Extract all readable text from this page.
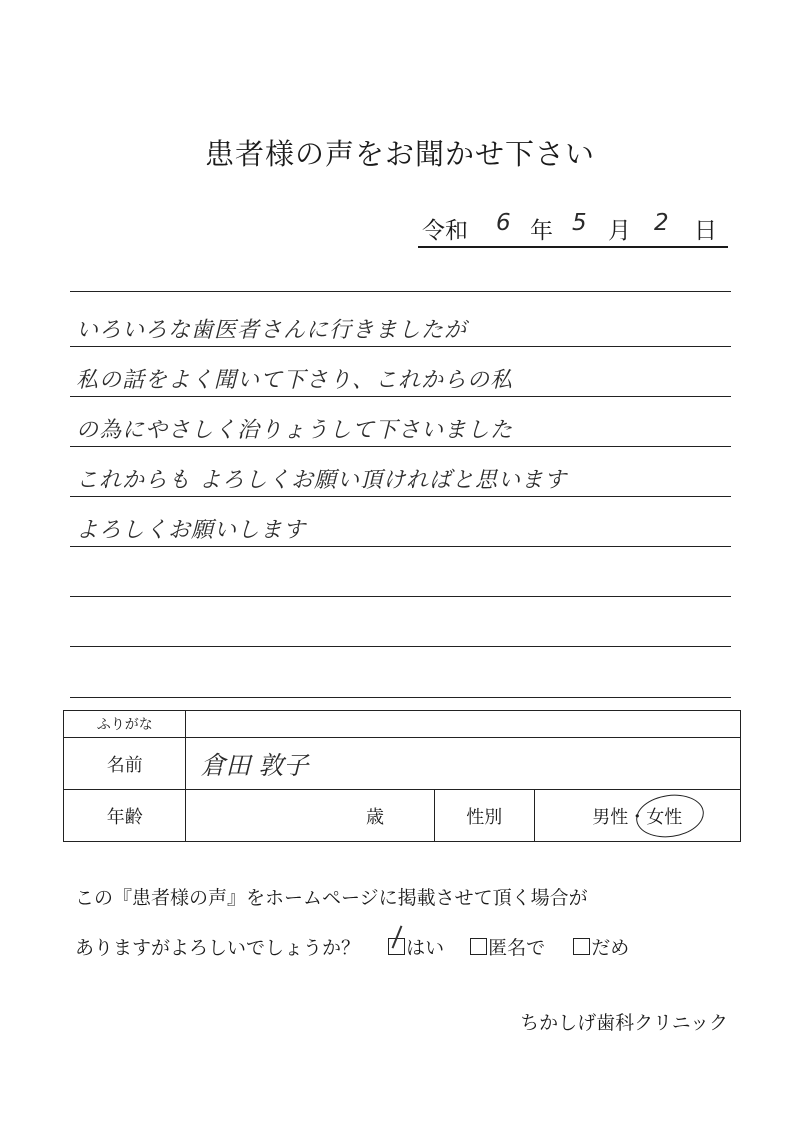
患者様の声をお聞かせ下さい
令和 6 年 5 月 2 日
いろいろな歯医者さんに行きましたが
私の話をよく聞いて下さり、これからの私
の為にやさしく治りょうして下さいました
これからも よろしくお願い頂ければと思います
よろしくお願いします
ふりがな			
名前	倉田 敦子		
年齢	歳	性別	男性・女性
この『患者様の声』をホームページに掲載させて頂く場合が
ありますがよろしいでしょうか？ はい 匿名で だめ
ちかしげ歯科クリニック
